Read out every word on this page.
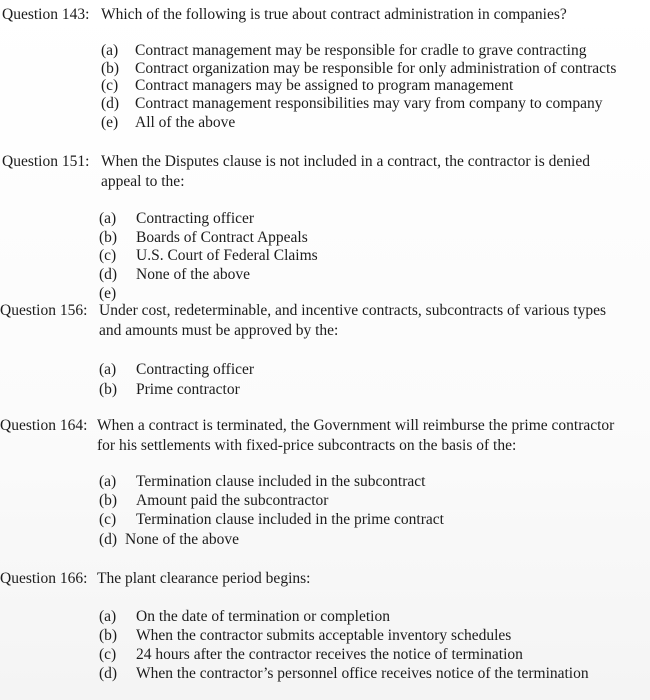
Question 143: Which of the following is true about contract administration in companies?
(a) Contract management may be responsible for cradle to grave contracting
(b) Contract organization may be responsible for only administration of contracts
(c) Contract managers may be assigned to program management
(d) Contract management responsibilities may vary from company to company
(e) All of the above
Question 151: When the Disputes clause is not included in a contract, the contractor is denied
appeal to the:
(a) Contracting officer
(b) Boards of Contract Appeals
(c) U.S. Court of Federal Claims
(d) None of the above
(e)
Question 156: Under cost, redeterminable, and incentive contracts, subcontracts of various types
and amounts must be approved by the:
(a) Contracting officer
(b) Prime contractor
Question 164: When a contract is terminated, the Government will reimburse the prime contractor
for his settlements with fixed-price subcontracts on the basis of the:
(a) Termination clause included in the subcontract
(b) Amount paid the subcontractor
(c) Termination clause included in the prime contract
(d) None of the above
Question 166: The plant clearance period begins:
(a) On the date of termination or completion
(b) When the contractor submits acceptable inventory schedules
(c) 24 hours after the contractor receives the notice of termination
(d) When the contractor’s personnel office receives notice of the termination
